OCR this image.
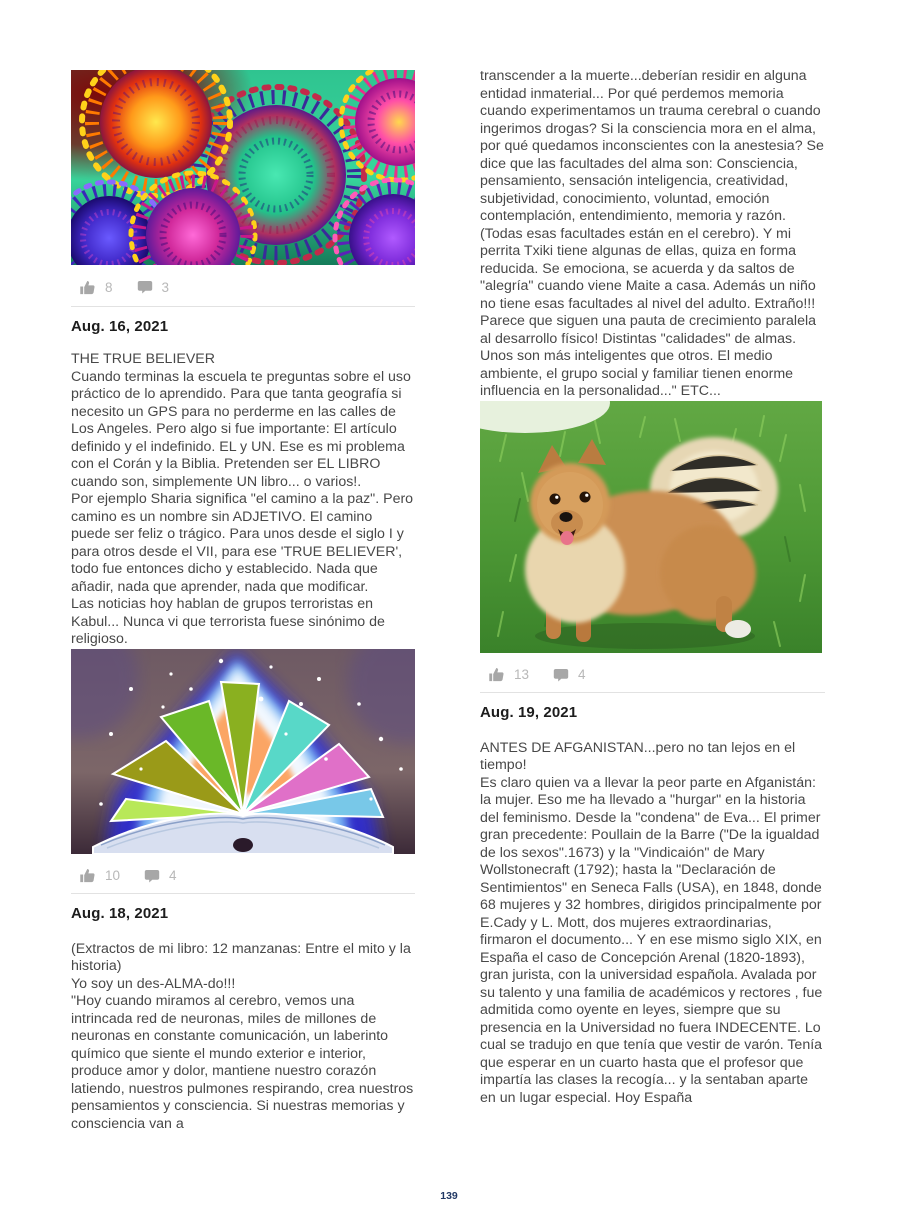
8	3
Aug. 16, 2021

THE TRUE BELIEVER

Cuando terminas la escuela te preguntas sobre el uso práctico de lo aprendido. Para que tanta geografía si necesito un GPS para no perderme en las calles de Los Angeles. Pero algo si fue importante: El artículo definido y el indefinido. EL y UN. Ese es mi problema con el Corán y la Biblia. Pretenden ser EL LIBRO cuando son, simplemente UN libro... o varios!.

Por ejemplo Sharia significa "el camino a la paz". Pero camino es un nombre sin ADJETIVO. El camino puede ser feliz o trágico. Para unos desde el siglo I y para otros desde el VII, para ese 'TRUE BELIEVER', todo fue entonces dicho y establecido. Nada que añadir, nada que aprender, nada que modificar.

Las noticias hoy hablan de grupos terroristas en Kabul... Nunca vi que terrorista fuese sinónimo de religioso.

10	4
Aug. 18, 2021

(Extractos de mi libro: 12 manzanas: Entre el mito y la historia)

Yo soy un des-ALMA-do!!!

"Hoy cuando miramos al cerebro, vemos una intrincada red de neuronas, miles de millones de neuronas en constante comunicación, un laberinto químico que siente el mundo exterior e interior, produce amor y dolor, mantiene nuestro corazón latiendo, nuestros pulmones respirando, crea nuestros pensamientos y consciencia. Si nuestras memorias y consciencia van a

transcender a la muerte...deberían residir en alguna entidad inmaterial... Por qué perdemos memoria cuando experimentamos un trauma cerebral o cuando ingerimos drogas? Si la consciencia mora en el alma, por qué quedamos inconscientes con la anestesia? Se dice que las facultades del alma son: Consciencia, pensamiento, sensación inteligencia, creatividad, subjetividad, conocimiento, voluntad, emoción contemplación, entendimiento, memoria y razón. (Todas esas facultades están en el cerebro). Y mi perrita Txiki tiene algunas de ellas, quiza en forma reducida. Se emociona, se acuerda y da saltos de "alegría" cuando viene Maite a casa. Además un niño no tiene esas facultades al nivel del adulto. Extraño!!! Parece que siguen una pauta de crecimiento paralela al desarrollo físico! Distintas "calidades" de almas. Unos son más inteligentes que otros. El medio ambiente, el grupo social y familiar tienen enorme influencia en la personalidad..." ETC...

13	4
Aug. 19, 2021

ANTES DE AFGANISTAN...pero no tan lejos en el tiempo!

Es claro quien va a llevar la peor parte en Afganistán: la mujer. Eso me ha llevado a "hurgar" en la historia del feminismo. Desde la "condena" de Eva... El primer gran precedente: Poullain de la Barre ("De la igualdad de los sexos".1673) y la "Vindicaión" de Mary Wollstonecraft (1792); hasta la "Declaración de Sentimientos" en Seneca Falls (USA), en 1848, donde 68 mujeres y 32 hombres, dirigidos principalmente por E.Cady y L. Mott, dos mujeres extraordinarias, firmaron el documento... Y en ese mismo siglo XIX, en España el caso de Concepción Arenal (1820-1893), gran jurista, con la universidad española. Avalada por su talento y una familia de académicos y rectores , fue admitida como oyente en leyes, siempre que su presencia en la Universidad no fuera INDECENTE. Lo cual se tradujo en que tenía que vestir de varón. Tenía que esperar en un cuarto hasta que el profesor que impartía las clases la recogía... y la sentaban aparte en un lugar especial. Hoy España

139
